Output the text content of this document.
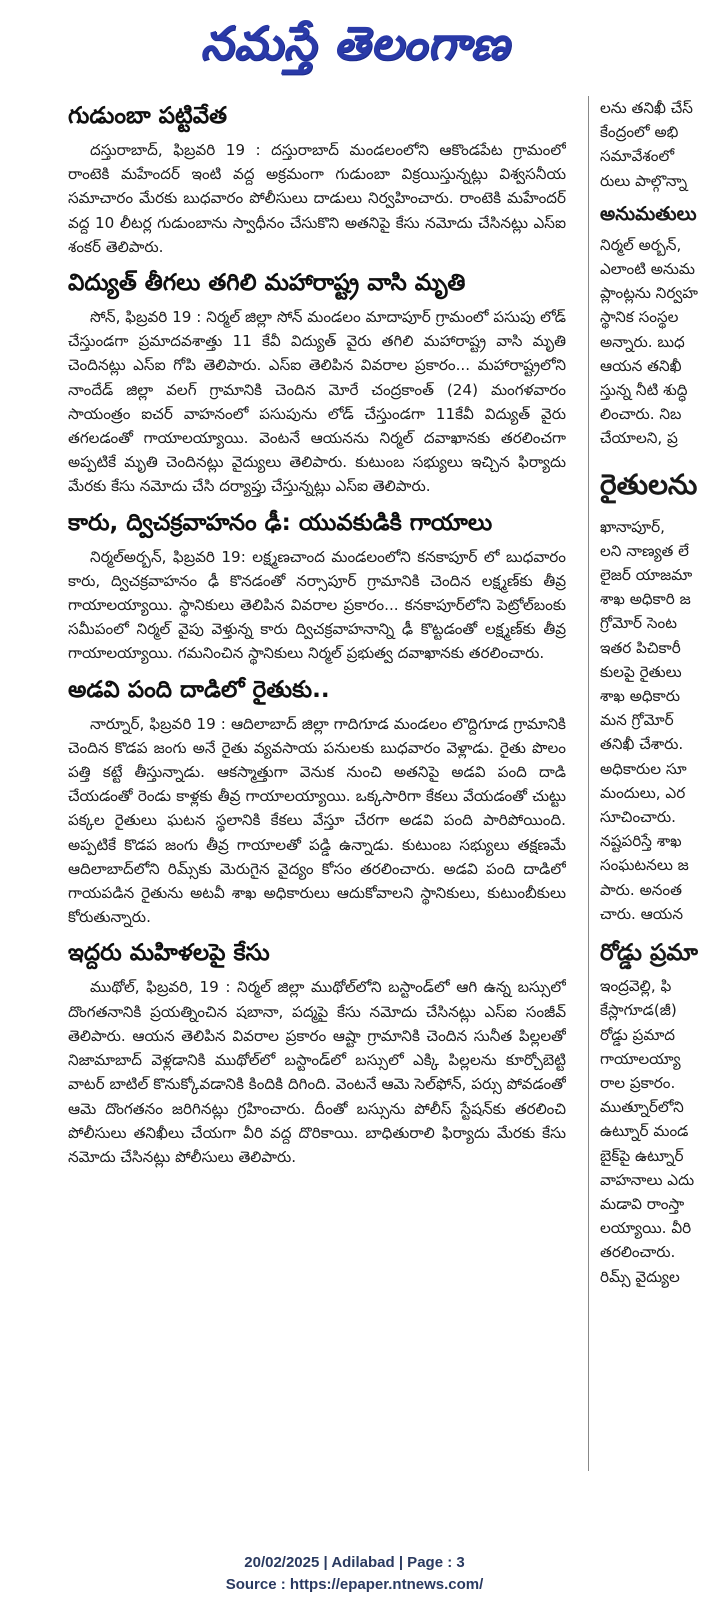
నమస్తే తెలంగాణ
గుడుంబా పట్టివేత

దస్తురాబాద్, ఫిబ్రవరి 19 : దస్తురాబాద్ మండలంలోని ఆకొండపేట గ్రామంలో రాంటెకి మహేందర్ ఇంటి వద్ద అక్రమంగా గుడుంబా విక్రయిస్తున్నట్లు విశ్వసనీయ సమాచారం మేరకు బుధవారం పోలీసులు దాడులు నిర్వహించారు. రాంటెకి మహేందర్ వద్ద 10 లీటర్ల గుడుంబాను స్వాధీనం చేసుకొని అతనిపై కేసు నమోదు చేసినట్లు ఎస్ఐ శంకర్ తెలిపారు.

విద్యుత్ తీగలు తగిలి మహారాష్ట్ర వాసి మృతి

సోన్, ఫిబ్రవరి 19 : నిర్మల్ జిల్లా సోన్ మండలం మాదాపూర్ గ్రామంలో పసుపు లోడ్ చేస్తుండగా ప్రమాదవశాత్తు 11 కేవీ విద్యుత్ వైరు తగిలి మహారాష్ట్ర వాసి మృతి చెందినట్లు ఎస్ఐ గోపి తెలిపారు. ఎస్ఐ తెలిపిన వివరాల ప్రకారం... మహారాష్ట్రలోని నాందేడ్ జిల్లా వలగ్ గ్రామానికి చెందిన మోరే చంద్రకాంత్ (24) మంగళవారం సాయంత్రం ఐచర్ వాహనంలో పసుపును లోడ్ చేస్తుండగా 11కేవీ విద్యుత్ వైరు తగలడంతో గాయాలయ్యాయి. వెంటనే ఆయనను నిర్మల్ దవాఖానకు తరలించగా అప్పటికే మృతి చెందినట్లు వైద్యులు తెలిపారు. కుటుంబ సభ్యులు ఇచ్చిన ఫిర్యాదు మేరకు కేసు నమోదు చేసి దర్యాప్తు చేస్తున్నట్లు ఎస్ఐ తెలిపారు.

కారు, ద్విచక్రవాహనం ఢీ: యువకుడికి గాయాలు

నిర్మల్‌అర్బన్, ఫిబ్రవరి 19: లక్ష్మణచాంద మండలంలోని కనకాపూర్ లో బుధవారం కారు, ద్విచక్రవాహనం ఢీ కొనడంతో నర్సాపూర్ గ్రామానికి చెందిన లక్ష్మణ్‌కు తీవ్ర గాయాలయ్యాయి. స్థానికులు తెలిపిన వివరాల ప్రకారం... కనకాపూర్‌లోని పెట్రోల్‌బంకు సమీపంలో నిర్మల్ వైపు వెళ్తున్న కారు ద్విచక్రవాహనాన్ని ఢీ కొట్టడంతో లక్ష్మణ్‌కు తీవ్ర గాయాలయ్యాయి. గమనించిన స్థానికులు నిర్మల్ ప్రభుత్వ దవాఖానకు తరలించారు.

అడవి పంది దాడిలో రైతుకు..

నార్నూర్, ఫిబ్రవరి 19 : ఆదిలాబాద్ జిల్లా గాదిగూడ మండలం లొద్దిగూడ గ్రామానికి చెందిన కొడప జంగు అనే రైతు వ్యవసాయ పనులకు బుధవారం వెళ్లాడు. రైతు పొలం పత్తి కట్టే తీస్తున్నాడు. ఆకస్మాత్తుగా వెనుక నుంచి అతనిపై అడవి పంది దాడి చేయడంతో రెండు కాళ్లకు తీవ్ర గాయాలయ్యాయి. ఒక్కసారిగా కేకలు వేయడంతో చుట్టు పక్కల రైతులు ఘటన స్థలానికి కేకలు వేస్తూ చేరగా అడవి పంది పారిపోయింది. అప్పటికే కొడప జంగు తీవ్ర గాయాలతో పడ్డి ఉన్నాడు. కుటుంబ సభ్యులు తక్షణమే ఆదిలాబాద్‌లోని రిమ్స్‌కు మెరుగైన వైద్యం కోసం తరలించారు. అడవి పంది దాడిలో గాయపడిన రైతును అటవీ శాఖ అధికారులు ఆదుకోవాలని స్థానికులు, కుటుంబీకులు కోరుతున్నారు.

ఇద్దరు మహిళలపై కేసు

ముథోల్, ఫిబ్రవరి, 19 : నిర్మల్ జిల్లా ముథోల్‌లోని బస్టాండ్‌లో ఆగి ఉన్న బస్సులో దొంగతనానికి ప్రయత్నించిన షబానా, పద్మపై కేసు నమోదు చేసినట్లు ఎస్ఐ సంజీవ్ తెలిపారు. ఆయన తెలిపిన వివరాల ప్రకారం ఆష్టా గ్రామానికి చెందిన సునీత పిల్లలతో నిజామాబాద్ వెళ్లడానికి ముథోల్‌లో బస్టాండ్‌లో బస్సులో ఎక్కి పిల్లలను కూర్చోబెట్టి వాటర్ బాటిల్ కొనుక్కోవడానికి కిందికి దిగింది. వెంటనే ఆమె సెల్‌ఫోన్, పర్సు పోవడంతో ఆమె దొంగతనం జరిగినట్లు గ్రహించారు. దీంతో బస్సును పోలీస్ స్టేషన్‌కు తరలించి పోలీసులు తనిఖీలు చేయగా వీరి వద్ద దొరికాయి. బాధితురాలి ఫిర్యాదు మేరకు కేసు నమోదు చేసినట్లు పోలీసులు తెలిపారు.

లను తనిఖీ చేస్

కేంద్రంలో అభి

సమావేశంలో

రులు పాల్గొన్నా

అనుమతులు

నిర్మల్ అర్బన్,

ఎలాంటి అనుమ

ప్లాంట్లను నిర్వహ

స్థానిక సంస్థల

అన్నారు. బుధ

ఆయన తనిఖీ

స్తున్న నీటి శుద్ధి

లించారు. నిబ

చేయాలని, ప్ర

రైతులను

ఖానాపూర్,

లని నాణ్యత లే

లైజర్ యాజమా

శాఖ అధికారి జ

గ్రోమోర్ సెంట

ఇతర పిచికారీ

కులపై రైతులు

శాఖ అధికారు

మన గ్రోమోర్

తనిఖీ చేశారు.

అధికారుల సూ

మందులు, ఎర

సూచించారు.

నష్టపరిస్తే శాఖ

సంఘటనలు జ

పారు. అనంత

చారు. ఆయన

రోడ్డు ప్రమా

ఇంద్రవెల్లి, ఫి

కేస్లాగూడ(జీ)

రోడ్డు ప్రమాద

గాయాలయ్యా

రాల ప్రకారం.

ముత్నూర్‌లోని

ఉట్నూర్ మండ

బైక్‌పై ఉట్నూర్

వాహనాలు ఎదు

మడావి రాంస్తా

లయ్యాయి. వీరి

తరలించారు.

రిమ్స్ వైద్యుల

20/02/2025 | Adilabad | Page : 3
Source : https://epaper.ntnews.com/
